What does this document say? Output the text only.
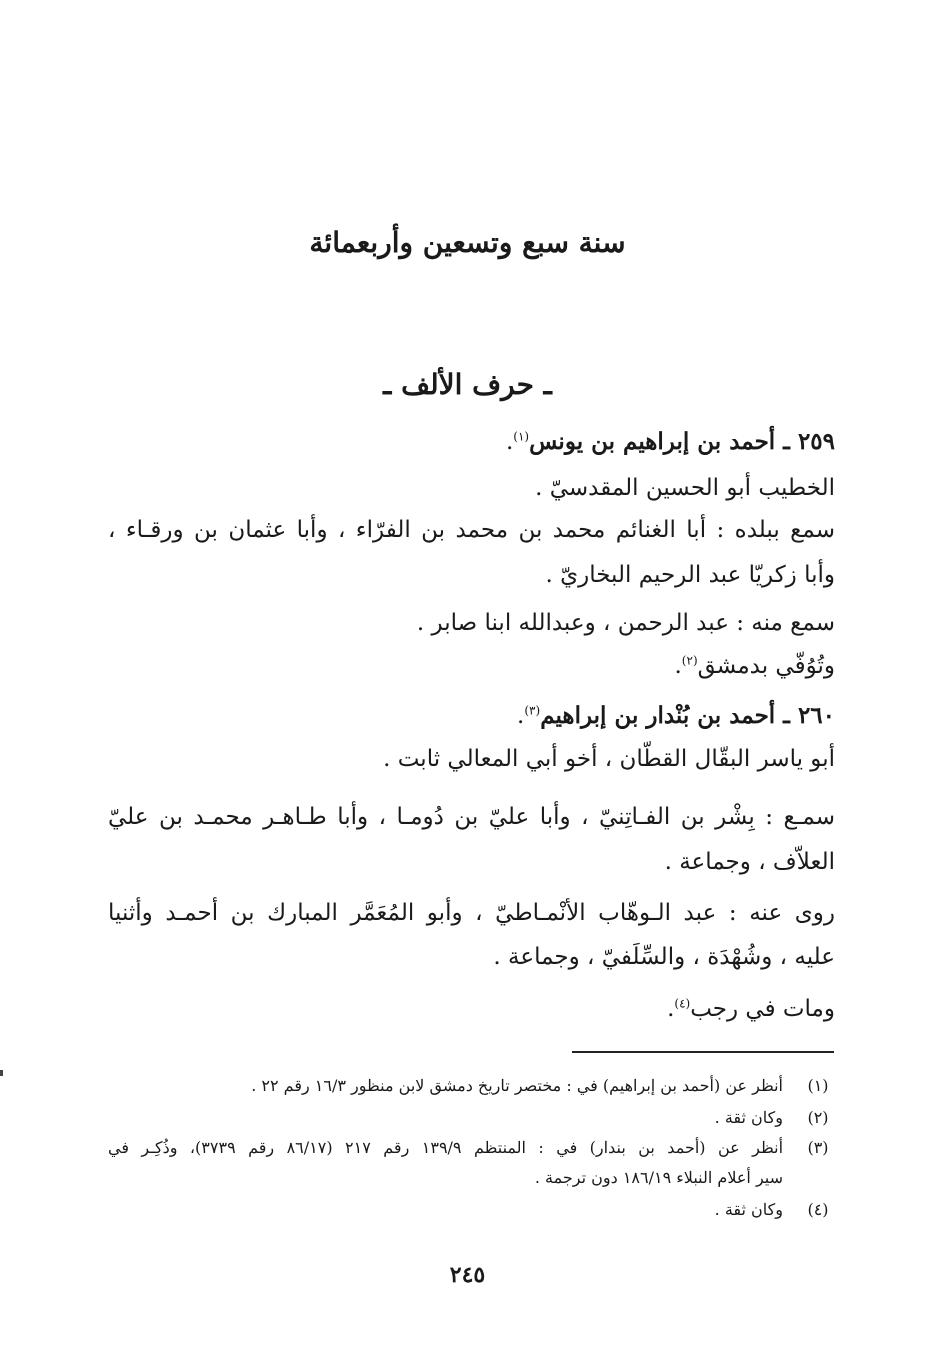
سنة سبع وتسعين وأربعمائة
ـ حرف الألف ـ
٢٥٩ ـ أحمد بن إبراهيم بن يونس$^{(١)}$.
الخطيب أبو الحسين المقدسيّ .
سمع ببلده : أبا الغنائم محمد بن محمد بن الفرّاء ، وأبا عثمان بن ورقـاء ،
وأبا زكريّا عبد الرحيم البخاريّ .
سمع منه : عبد الرحمن ، وعبدالله ابنا صابر .
وتُوُفّي بدمشق$^{(٢)}$.
٢٦٠ ـ أحمد بن بُنْدار بن إبراهيم$^{(٣)}$.
أبو ياسر البقّال القطّان ، أخو أبي المعالي ثابت .
سمـع : بِشْر بن الفـاتِنيّ ، وأبا عليّ بن دُومـا ، وأبا طـاهـر محمـد بن عليّ
العلاّف ، وجماعة .
روى عنه : عبد الـوهّاب الأنْمـاطيّ ، وأبو المُعَمَّر المبارك بن أحمـد وأثنيا
عليه ، وشُهْدَة ، والسِّلَفيّ ، وجماعة .
ومات في رجب$^{(٤)}$.
(١)
أنظر عن (أحمد بن إبراهيم) في : مختصر تاريخ دمشق لابن منظور ١٦/٣ رقم ٢٢ .
(٢)
وكان ثقة .
(٣)
أنظر عن (أحمد بن بندار) في : المنتظم ١٣٩/٩ رقم ٢١٧ (٨٦/١٧ رقم ٣٧٣٩)، وذُكِـر في
سير أعلام النبلاء ١٨٦/١٩ دون ترجمة .
(٤)
وكان ثقة .
٢٤٥
